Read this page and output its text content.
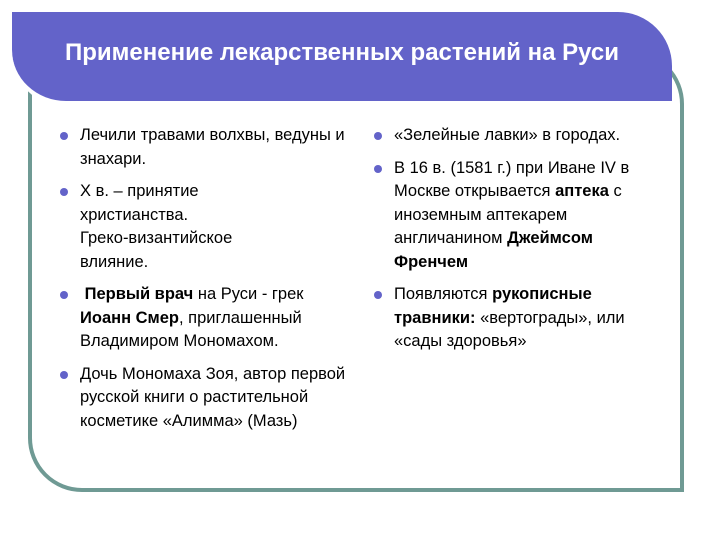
Применение лекарственных растений на Руси
Лечили травами волхвы, ведуны и знахари.
X в. – принятие христианства.
Греко-византийское влияние.
Первый врач на Руси - грек Иоанн Смер, приглашенный Владимиром Мономахом.
Дочь Мономаха Зоя, автор первой русской книги о растительной косметике «Алимма» (Мазь)
«Зелейные лавки» в городах.
В 16 в. (1581 г.) при Иване IV в Москве открывается аптека с иноземным аптекарем англичанином Джеймсом Френчем
Появляются рукописные травники: «вертограды», или «сады здоровья»
